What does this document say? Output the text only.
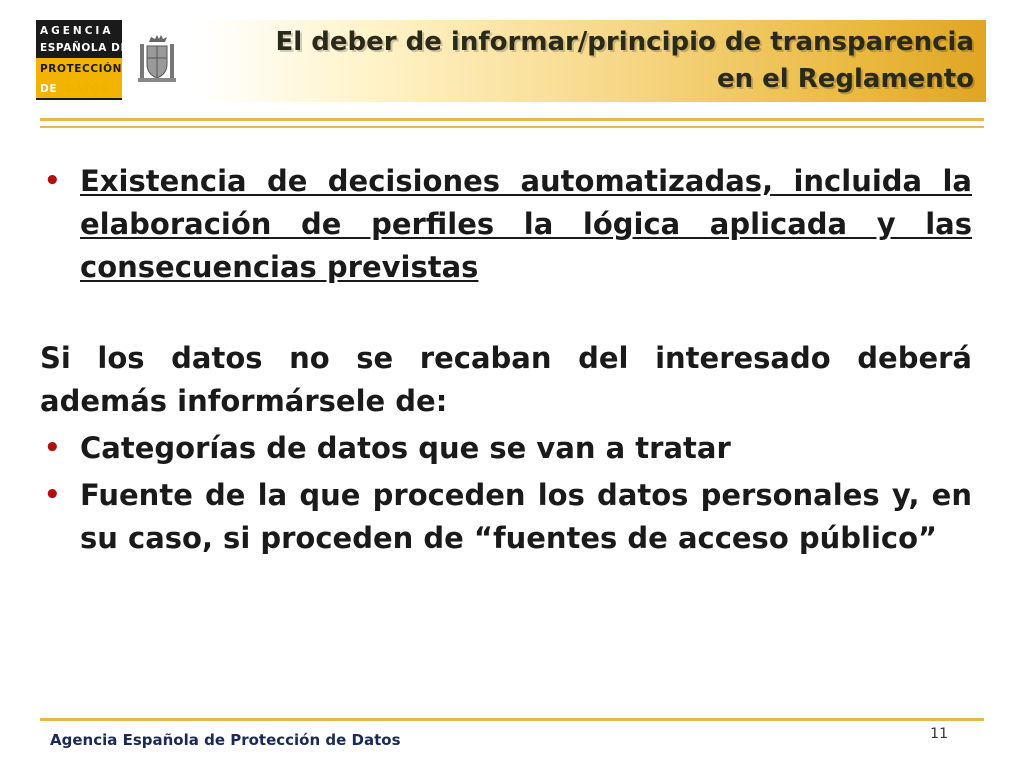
AGENCIA
ESPAÑOLA DE
PROTECCIÓN
DE DATOS
El deber de informar/principio de transparencia en el Reglamento
• Existencia de decisiones automatizadas, incluida la elaboración de perfiles la lógica aplicada y las consecuencias previstas
Si los datos no se recaban del interesado deberá además informársele de:
• Categorías de datos que se van a tratar
• Fuente de la que proceden los datos personales y, en su caso, si proceden de “fuentes de acceso público”
Agencia Española de Protección de Datos	11
